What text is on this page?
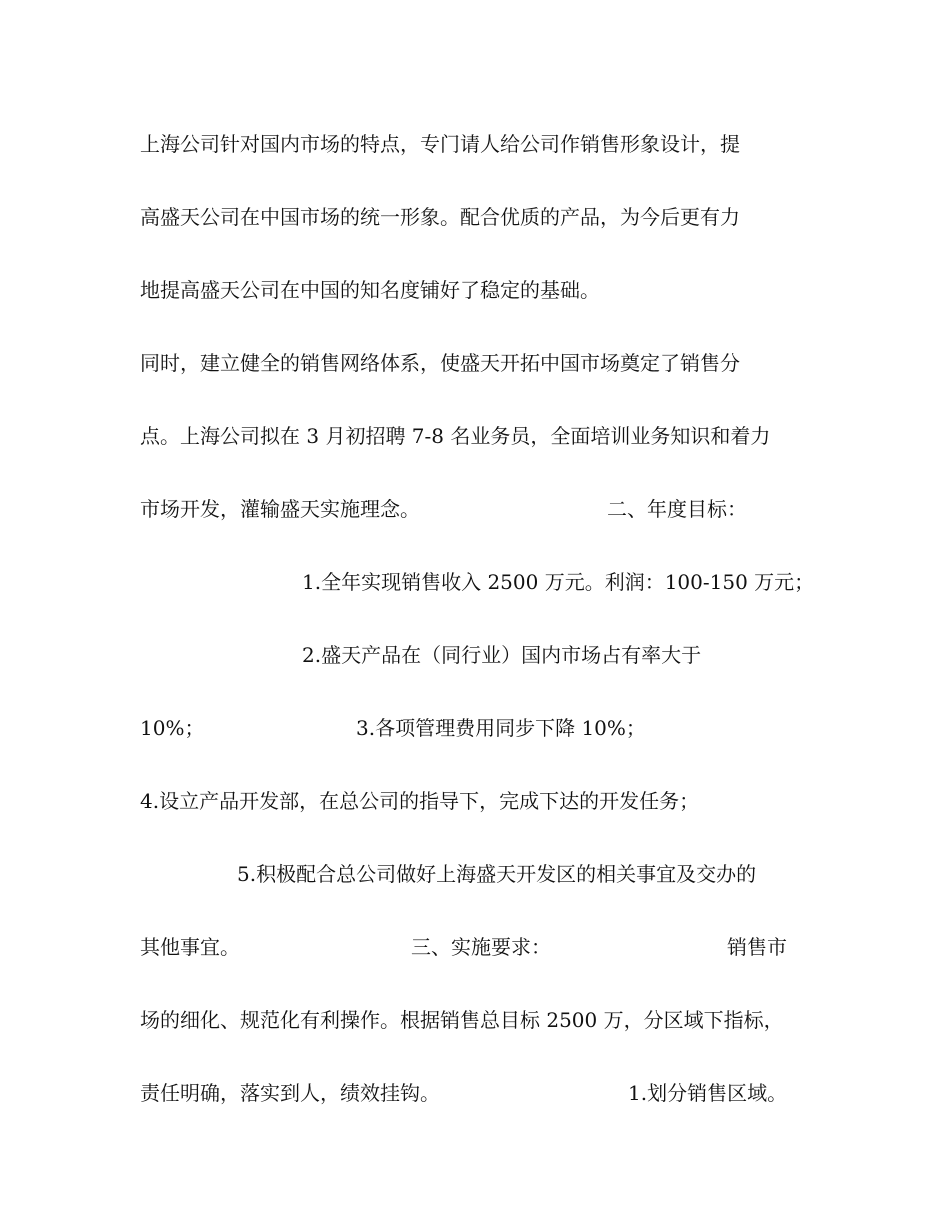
上海公司针对国内市场的特点，专门请人给公司作销售形象设计，提
高盛天公司在中国市场的统一形象。配合优质的产品，为今后更有力
地提高盛天公司在中国的知名度铺好了稳定的基础。
同时，建立健全的销售网络体系，使盛天开拓中国市场奠定了销售分
点。上海公司拟在 3 月初招聘 7-8 名业务员，全面培训业务知识和着力
市场开发，灌输盛天实施理念。	二、年度目标：
1.全年实现销售收入 2500 万元。利润：100-150 万元；
2.盛天产品在（同行业）国内市场占有率大于
10%；	3.各项管理费用同步下降 10%；
4.设立产品开发部，在总公司的指导下，完成下达的开发任务；
5.积极配合总公司做好上海盛天开发区的相关事宜及交办的
其他事宜。	三、实施要求：	销售市
场的细化、规范化有利操作。根据销售总目标 2500 万，分区域下指标，
责任明确，落实到人，绩效挂钩。	1.划分销售区域。
